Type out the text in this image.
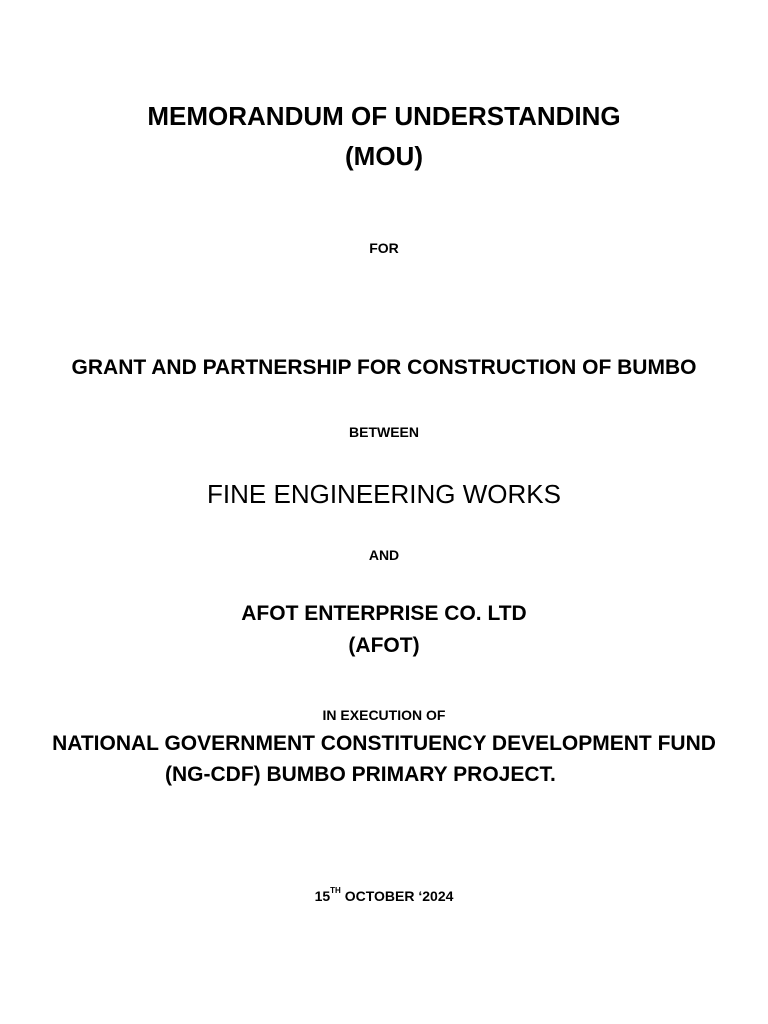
MEMORANDUM OF UNDERSTANDING
(MOU)
FOR
GRANT AND PARTNERSHIP FOR CONSTRUCTION OF BUMBO
BETWEEN
FINE ENGINEERING WORKS
AND
AFOT ENTERPRISE CO. LTD
(AFOT)
IN EXECUTION OF
NATIONAL GOVERNMENT CONSTITUENCY DEVELOPMENT FUND
(NG-CDF) BUMBO PRIMARY PROJECT.
15TH OCTOBER ‘2024
